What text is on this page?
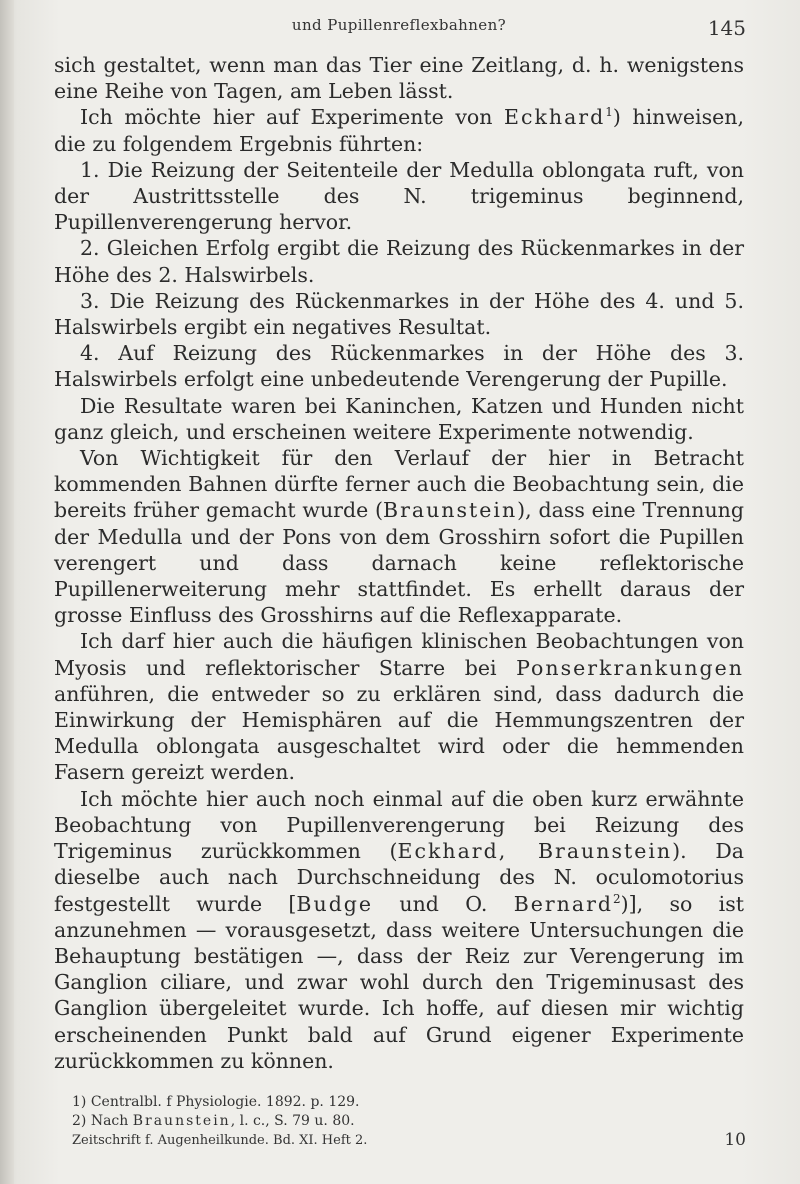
und Pupillenreflexbahnen?	145

sich gestaltet, wenn man das Tier eine Zeitlang, d. h. wenigstens eine Reihe von Tagen, am Leben lässt.

Ich möchte hier auf Experimente von Eckhard$^1$) hinweisen, die zu folgendem Ergebnis führten:

1. Die Reizung der Seitenteile der Medulla oblongata ruft, von der Austrittsstelle des N. trigeminus beginnend, Pupillenverengerung hervor.

2. Gleichen Erfolg ergibt die Reizung des Rückenmarkes in der Höhe des 2. Halswirbels.

3. Die Reizung des Rückenmarkes in der Höhe des 4. und 5. Halswirbels ergibt ein negatives Resultat.

4. Auf Reizung des Rückenmarkes in der Höhe des 3. Halswirbels erfolgt eine unbedeutende Verengerung der Pupille.

Die Resultate waren bei Kaninchen, Katzen und Hunden nicht ganz gleich, und erscheinen weitere Experimente notwendig.

Von Wichtigkeit für den Verlauf der hier in Betracht kommenden Bahnen dürfte ferner auch die Beobachtung sein, die bereits früher gemacht wurde (Braunstein), dass eine Trennung der Medulla und der Pons von dem Grosshirn sofort die Pupillen verengert und dass darnach keine reflektorische Pupillenerweiterung mehr stattfindet. Es erhellt daraus der grosse Einfluss des Grosshirns auf die Reflexapparate.

Ich darf hier auch die häufigen klinischen Beobachtungen von Myosis und reflektorischer Starre bei Ponserkrankungen anführen, die entweder so zu erklären sind, dass dadurch die Einwirkung der Hemisphären auf die Hemmungszentren der Medulla oblongata ausgeschaltet wird oder die hemmenden Fasern gereizt werden.

Ich möchte hier auch noch einmal auf die oben kurz erwähnte Beobachtung von Pupillenverengerung bei Reizung des Trigeminus zurückkommen (Eckhard, Braunstein). Da dieselbe auch nach Durchschneidung des N. oculomotorius festgestellt wurde [Budge und O. Bernard$^2$)], so ist anzunehmen — vorausgesetzt, dass weitere Untersuchungen die Behauptung bestätigen —, dass der Reiz zur Verengerung im Ganglion ciliare, und zwar wohl durch den Trigeminusast des Ganglion übergeleitet wurde. Ich hoffe, auf diesen mir wichtig erscheinenden Punkt bald auf Grund eigener Experimente zurückkommen zu können.

1) Centralbl. f Physiologie. 1892. p. 129.
2) Nach Braunstein, l. c., S. 79 u. 80.
Zeitschrift f. Augenheilkunde. Bd. XI. Heft 2.	10
